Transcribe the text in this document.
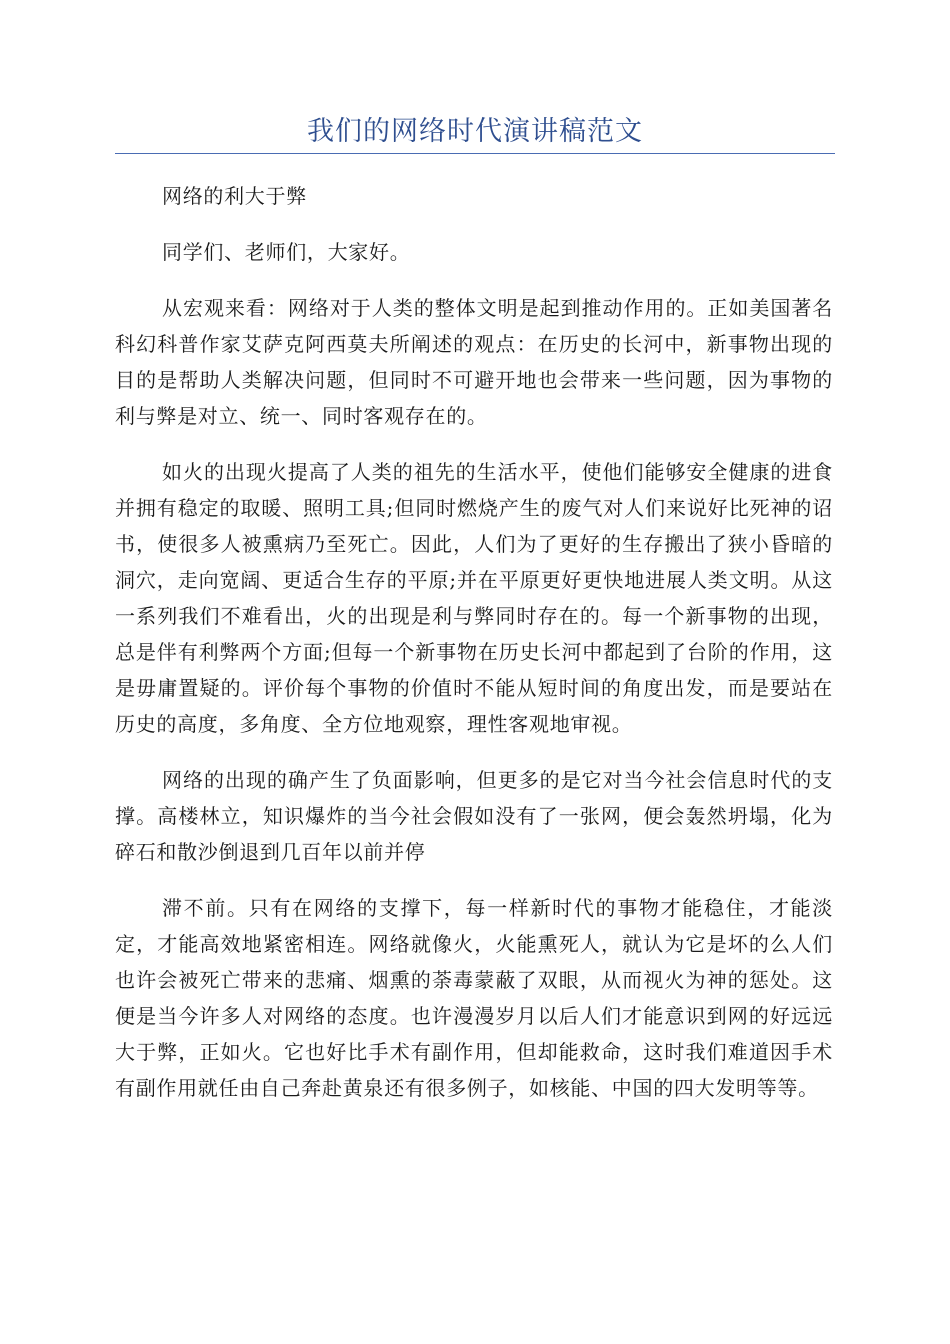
我们的网络时代演讲稿范文

网络的利大于弊

同学们、老师们，大家好。

从宏观来看：网络对于人类的整体文明是起到推动作用的。正如美国著名科幻科普作家艾萨克阿西莫夫所阐述的观点：在历史的长河中，新事物出现的目的是帮助人类解决问题，但同时不可避开地也会带来一些问题，因为事物的利与弊是对立、统一、同时客观存在的。

如火的出现火提高了人类的祖先的生活水平，使他们能够安全健康的进食并拥有稳定的取暖、照明工具;但同时燃烧产生的废气对人们来说好比死神的诏书，使很多人被熏病乃至死亡。因此，人们为了更好的生存搬出了狭小昏暗的洞穴，走向宽阔、更适合生存的平原;并在平原更好更快地进展人类文明。从这一系列我们不难看出，火的出现是利与弊同时存在的。每一个新事物的出现，总是伴有利弊两个方面;但每一个新事物在历史长河中都起到了台阶的作用，这是毋庸置疑的。评价每个事物的价值时不能从短时间的角度出发，而是要站在历史的高度，多角度、全方位地观察，理性客观地审视。

网络的出现的确产生了负面影响，但更多的是它对当今社会信息时代的支撑。高楼林立，知识爆炸的当今社会假如没有了一张网，便会轰然坍塌，化为碎石和散沙倒退到几百年以前并停

滞不前。只有在网络的支撑下，每一样新时代的事物才能稳住，才能淡定，才能高效地紧密相连。网络就像火，火能熏死人，就认为它是坏的么人们也许会被死亡带来的悲痛、烟熏的荼毒蒙蔽了双眼，从而视火为神的惩处。这便是当今许多人对网络的态度。也许漫漫岁月以后人们才能意识到网的好远远大于弊，正如火。它也好比手术有副作用，但却能救命，这时我们难道因手术有副作用就任由自己奔赴黄泉还有很多例子，如核能、中国的四大发明等等。
